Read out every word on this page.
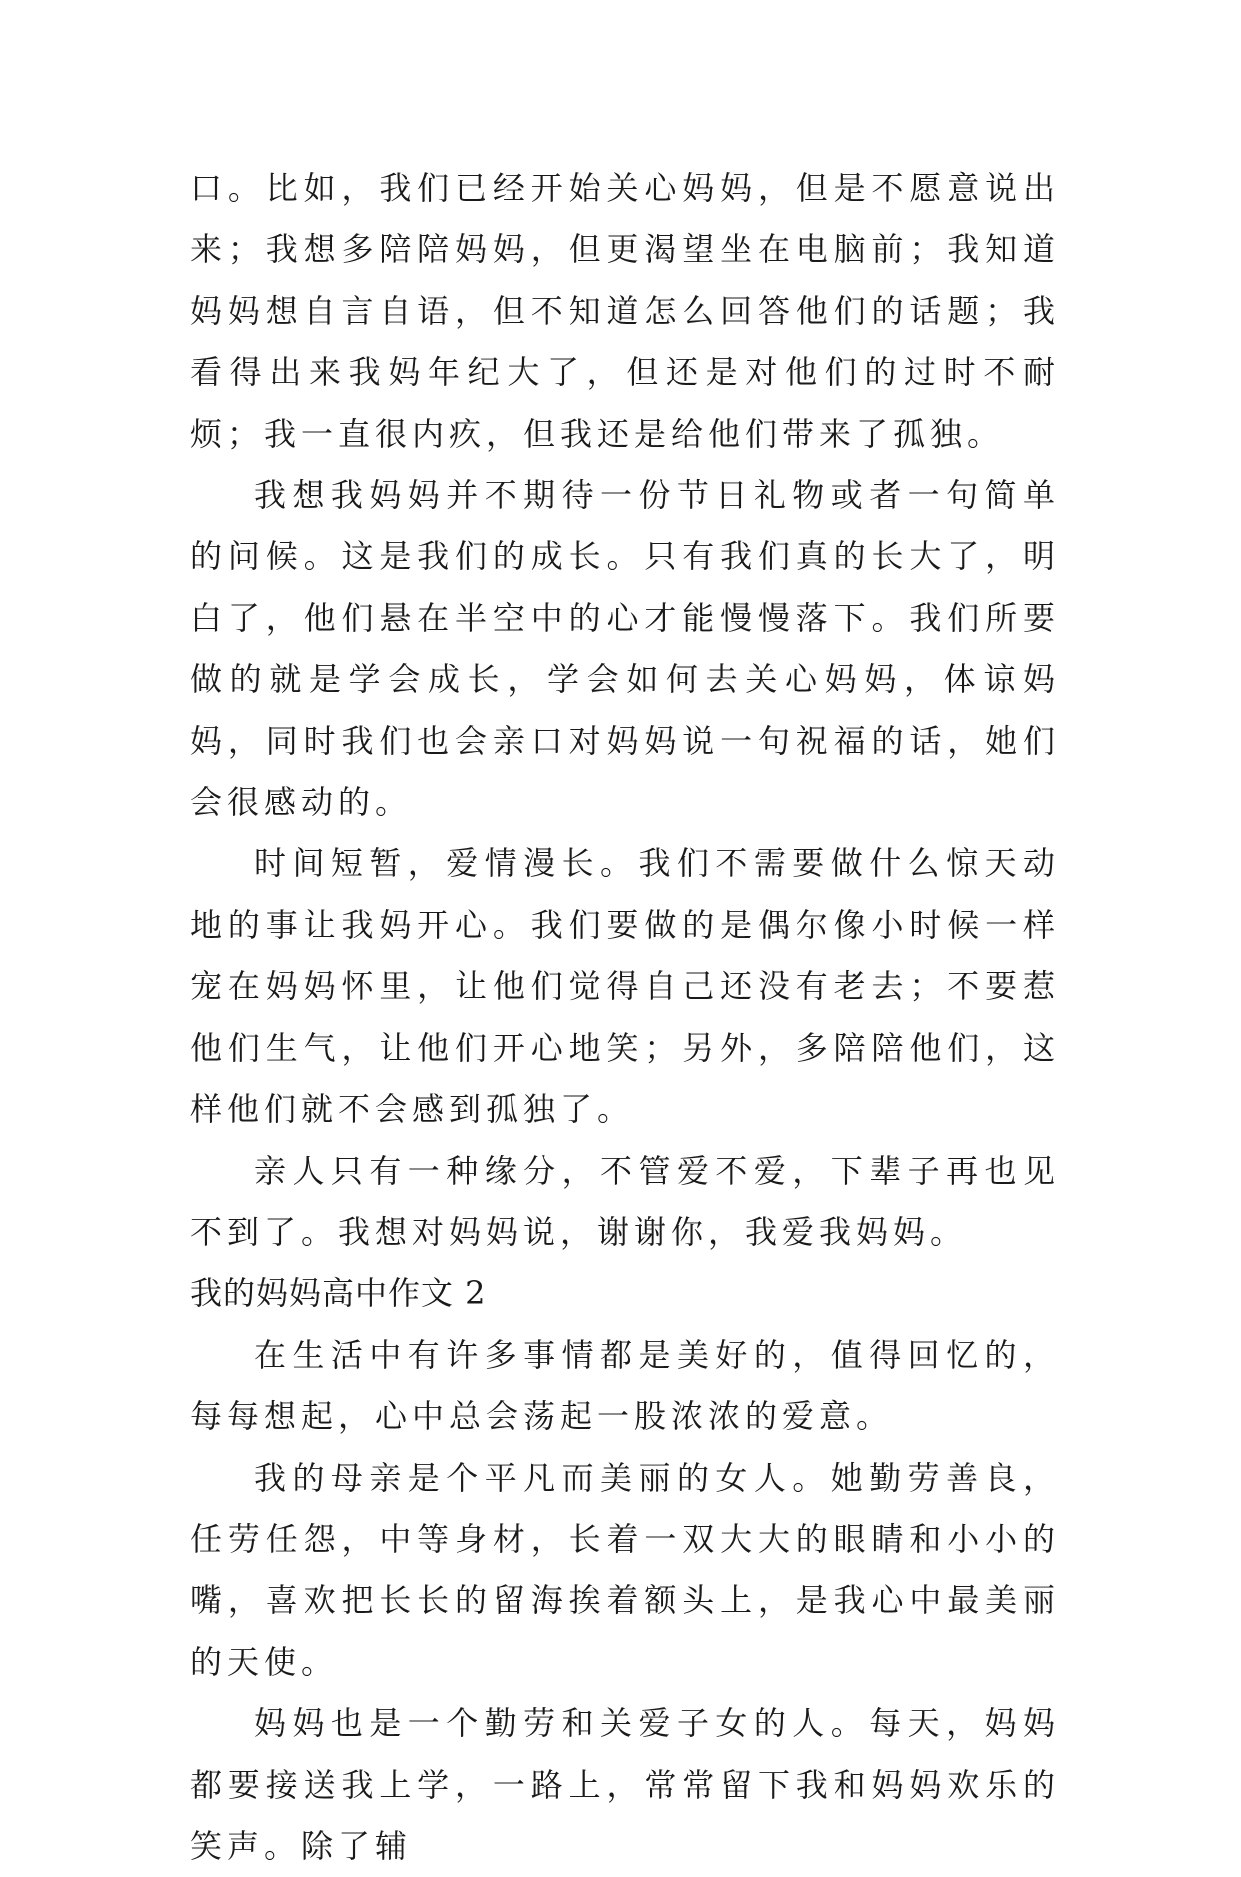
口。比如，我们已经开始关心妈妈，但是不愿意说出来；我想多陪陪妈妈，但更渴望坐在电脑前；我知道妈妈想自言自语，但不知道怎么回答他们的话题；我看得出来我妈年纪大了，但还是对他们的过时不耐烦；我一直很内疚，但我还是给他们带来了孤独。

我想我妈妈并不期待一份节日礼物或者一句简单的问候。这是我们的成长。只有我们真的长大了，明白了，他们悬在半空中的心才能慢慢落下。我们所要做的就是学会成长，学会如何去关心妈妈，体谅妈妈，同时我们也会亲口对妈妈说一句祝福的话，她们会很感动的。

时间短暂，爱情漫长。我们不需要做什么惊天动地的事让我妈开心。我们要做的是偶尔像小时候一样宠在妈妈怀里，让他们觉得自己还没有老去；不要惹他们生气，让他们开心地笑；另外，多陪陪他们，这样他们就不会感到孤独了。

亲人只有一种缘分，不管爱不爱，下辈子再也见不到了。我想对妈妈说，谢谢你，我爱我妈妈。

我的妈妈高中作文 2

在生活中有许多事情都是美好的，值得回忆的，每每想起，心中总会荡起一股浓浓的爱意。

我的母亲是个平凡而美丽的女人。她勤劳善良，任劳任怨，中等身材，长着一双大大的眼睛和小小的嘴，喜欢把长长的留海挨着额头上，是我心中最美丽的天使。

妈妈也是一个勤劳和关爱子女的人。每天，妈妈都要接送我上学，一路上，常常留下我和妈妈欢乐的笑声。除了辅
